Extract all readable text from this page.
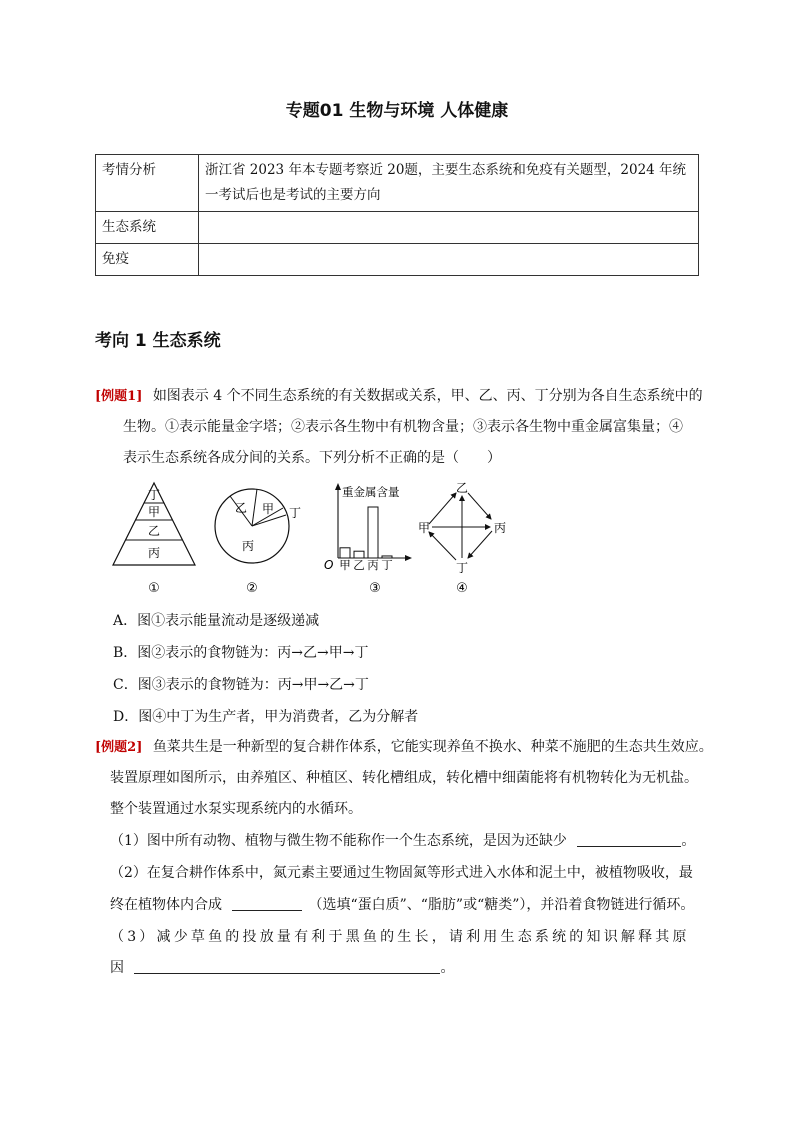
专题01 生物与环境 人体健康
考情分析	浙江省 2023 年本专题考察近 20题，主要生态系统和免疫有关题型，2024 年统一考试后也是考试的主要方向
生态系统	
免疫	
考向 1 生态系统
[例题1] 如图表示 4 个不同生态系统的有关数据或关系，甲、乙、丙、丁分别为各自生态系统中的
生物。①表示能量金字塔；②表示各生物中有机物含量；③表示各生物中重金属富集量；④
表示生态系统各成分间的关系。下列分析不正确的是（　　）
丁
甲
乙
丙
①
乙 甲 丁
丙
②
重金属含量
O 甲 乙 丙 丁
③
乙
甲	丙
丁
④
A．图①表示能量流动是逐级递减
B．图②表示的食物链为：丙→乙→甲→丁
C．图③表示的食物链为：丙→甲→乙→丁
D．图④中丁为生产者，甲为消费者，乙为分解者
[例题2] 鱼菜共生是一种新型的复合耕作体系，它能实现养鱼不换水、种菜不施肥的生态共生效应。
装置原理如图所示，由养殖区、种植区、转化槽组成，转化槽中细菌能将有机物转化为无机盐。
整个装置通过水泵实现系统内的水循环。
（1）图中所有动物、植物与微生物不能称作一个生态系统，是因为还缺少	。
（2）在复合耕作体系中，氮元素主要通过生物固氮等形式进入水体和泥土中，被植物吸收，最
终在植物体内合成	（选填“蛋白质”、“脂肪”或“糖类”），并沿着食物链进行循环。
（3）减少草鱼的投放量有利于黑鱼的生长，请利用生态系统的知识解释其原
因	。
